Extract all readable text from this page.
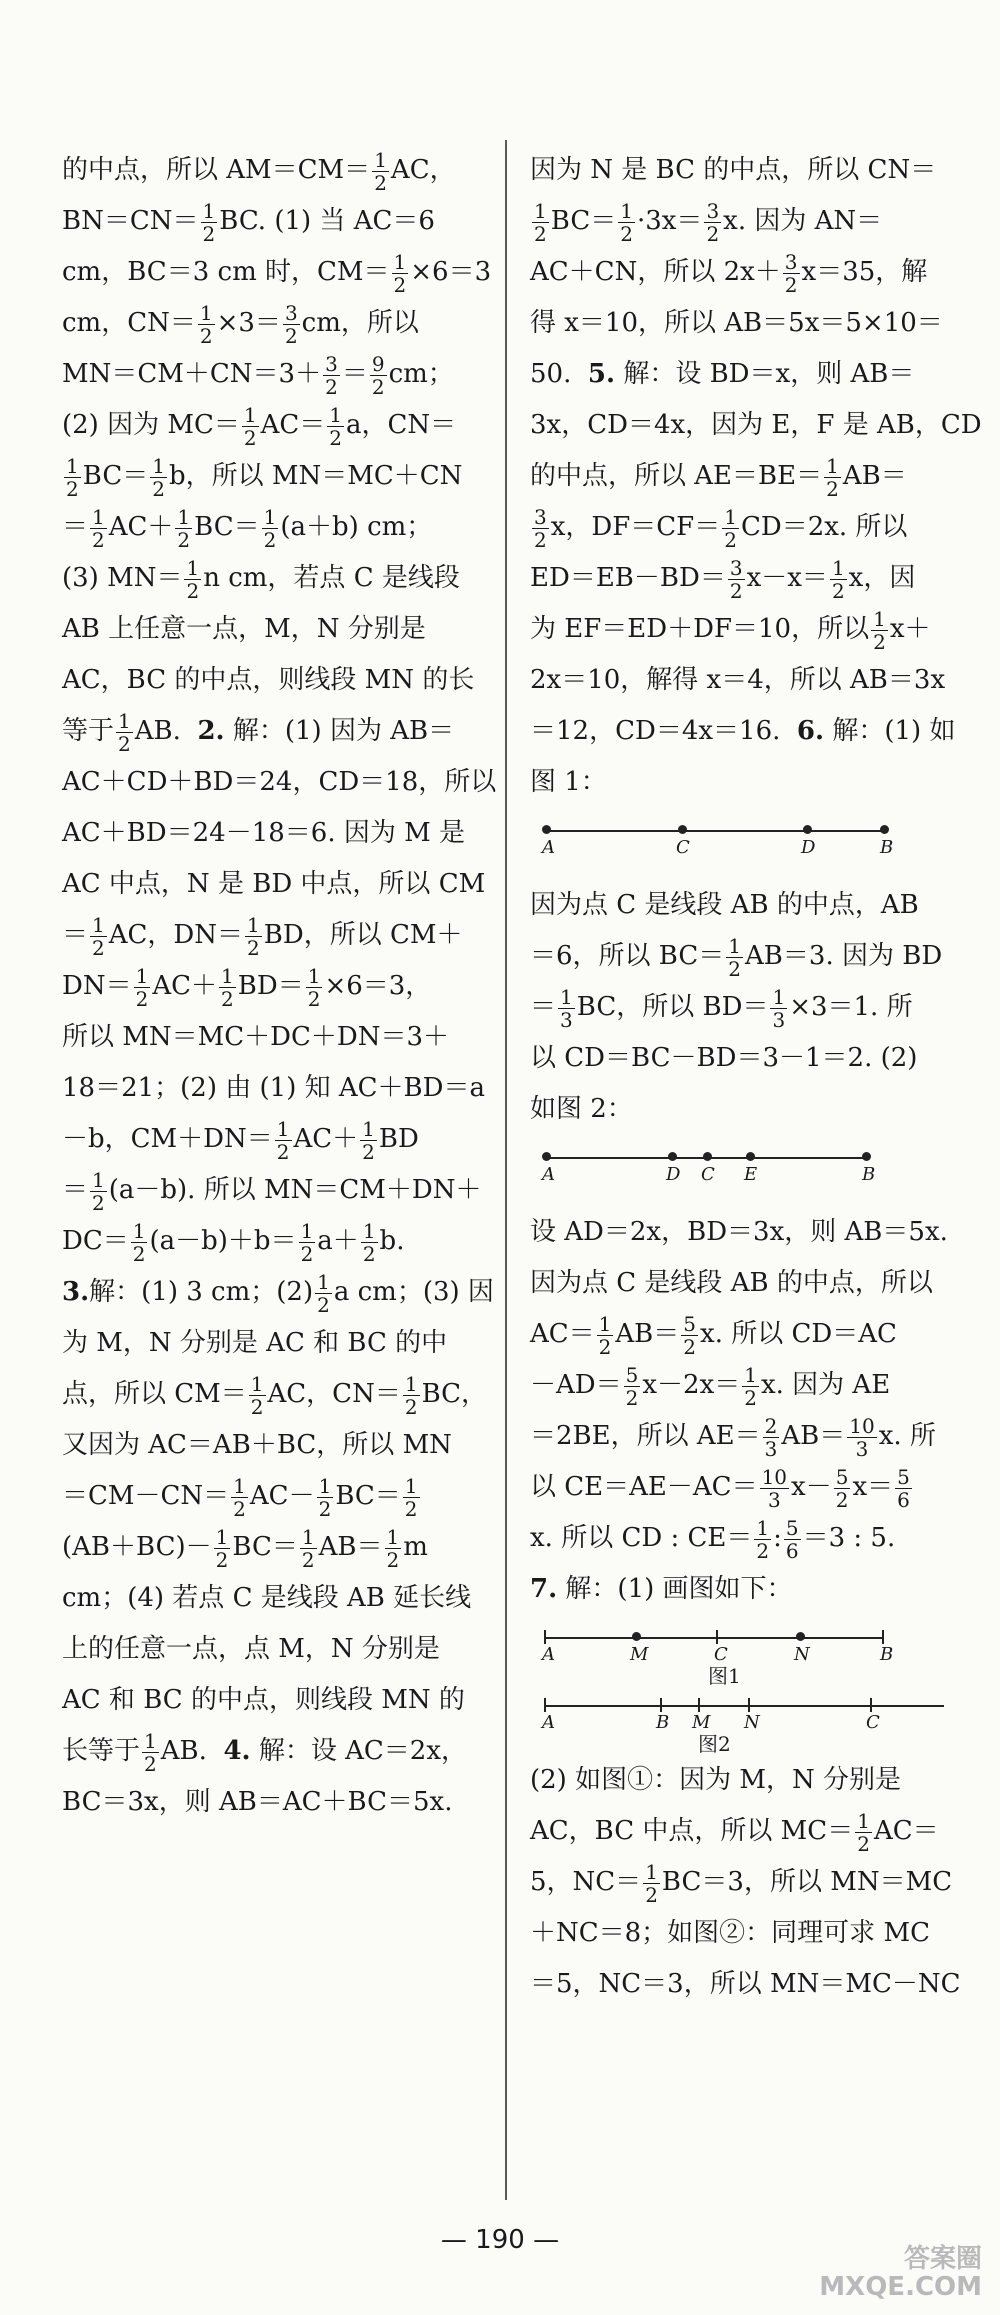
的中点，所以 $AM=CM= \frac{1}{2}$ AC，
$BN=CN= \frac{1}{2}$ BC. (1) 当 AC＝6
cm，BC＝3 cm 时，$CM= \frac{1}{2} \times 6=3$
cm，$CN= \frac{1}{2} \times 3= \frac{3}{2}$ cm，所以
$MN=CM+CN=3+ \frac{3}{2} = \frac{9}{2}$ cm；
(2) 因为 $MC= \frac{1}{2} AC= \frac{1}{2}$ a，CN＝
$\frac{1}{2} BC= \frac{1}{2}$ b，所以 MN＝MC＋CN
＝ $\frac{1}{2} AC+ \frac{1}{2} BC= \frac{1}{2} (a+b)$ cm；
(3) $MN= \frac{1}{2}$ n cm，若点 C 是线段
AB 上任意一点，M，N 分别是
AC，BC 的中点，则线段 MN 的长
等于 $\frac{1}{2}$ AB.  2. 解：(1) 因为 AB＝
AC＋CD＋BD＝24，CD＝18，所以
AC＋BD＝24－18＝6. 因为 M 是
AC 中点，N 是 BD 中点，所以 CM
＝ $\frac{1}{2}$ AC，$DN= \frac{1}{2}$ BD，所以 CM＋
$DN= \frac{1}{2} AC+ \frac{1}{2} BD= \frac{1}{2} \times 6=3$，
所以 MN＝MC＋DC＋DN＝3＋
18＝21；(2) 由 (1) 知 AC＋BD＝a
－b，$CM+DN= \frac{1}{2} AC+ \frac{1}{2}$ BD
＝ $\frac{1}{2} (a-b)$. 所以 MN＝CM＋DN＋
$DC= \frac{1}{2} (a-b)+b= \frac{1}{2} a+ \frac{1}{2} b$.
3.解：(1) 3 cm；$(2) \frac{1}{2}$ a cm；(3) 因
为 M，N 分别是 AC 和 BC 的中
点，所以 $CM= \frac{1}{2}$ AC，$CN= \frac{1}{2}$ BC，
又因为 AC＝AB＋BC，所以 MN
$=CM-CN= \frac{1}{2} AC- \frac{1}{2} BC= \frac{1}{2}$
$(AB+BC)- \frac{1}{2} BC= \frac{1}{2} AB= \frac{1}{2}$ m
cm；(4) 若点 C 是线段 AB 延长线
上的任意一点，点 M，N 分别是
AC 和 BC 的中点，则线段 MN 的
长等于 $\frac{1}{2}$ AB.  4. 解：设 AC＝2x，
BC＝3x，则 AB＝AC＋BC＝5x.
因为 N 是 BC 的中点，所以 CN＝
$\frac{1}{2} BC= \frac{1}{2} \cdot 3x= \frac{3}{2} x$. 因为 AN＝
AC＋CN，所以 $2x+ \frac{3}{2} x=35$，解
得 x＝10，所以 AB＝5x＝5×10＝
50. 5. 解：设 BD＝x，则 AB＝
3x，CD＝4x，因为 E，F 是 AB，CD
的中点，所以 $AE=BE= \frac{1}{2} AB=$
$\frac{3}{2}$ x，$DF=CF= \frac{1}{2} CD=2x$. 所以
$ED=EB-BD= \frac{3}{2} x-x= \frac{1}{2}$ x，因
为 EF＝ED＋DF＝10，所以 $\frac{1}{2} x+$
2x＝10，解得 x＝4，所以 AB＝3x
＝12，CD＝4x＝16. 6. 解：(1) 如
图 1：
A	C	D	B
因为点 C 是线段 AB 的中点，AB
＝6，所以 $BC= \frac{1}{2} AB=3$. 因为 BD
＝ $\frac{1}{3}$ BC，所以 $BD= \frac{1}{3} \times 3=1$. 所
以 CD＝BC－BD＝3－1＝2. (2)
如图 2：
A	D C E	B
设 AD＝2x，BD＝3x，则 AB＝5x.
因为点 C 是线段 AB 的中点，所以
$AC= \frac{1}{2} AB= \frac{5}{2} x$. 所以 CD＝AC
$-AD= \frac{5}{2} x-2x= \frac{1}{2} x$. 因为 AE
＝2BE，所以 $AE= \frac{2}{3} AB= \frac{10}{3} x$. 所
以 $CE=AE-AC= \frac{10}{3} x- \frac{5}{2} x= \frac{5}{6}$
x. 所以 CD : $CE= \frac{1}{2}$ : $\frac{5}{6} =3$ : 5.
7. 解：(1) 画图如下：
A	M	C	N	B
图1
A	B M N	C
图2
(2) 如图①：因为 M，N 分别是
AC，BC 中点，所以 $MC= \frac{1}{2} AC=$
5，$NC= \frac{1}{2} BC=3$，所以 MN＝MC
＋NC＝8；如图②：同理可求 MC
＝5，NC＝3，所以 MN＝MC－NC
— 190 —
答案圈
MXQE.COM
